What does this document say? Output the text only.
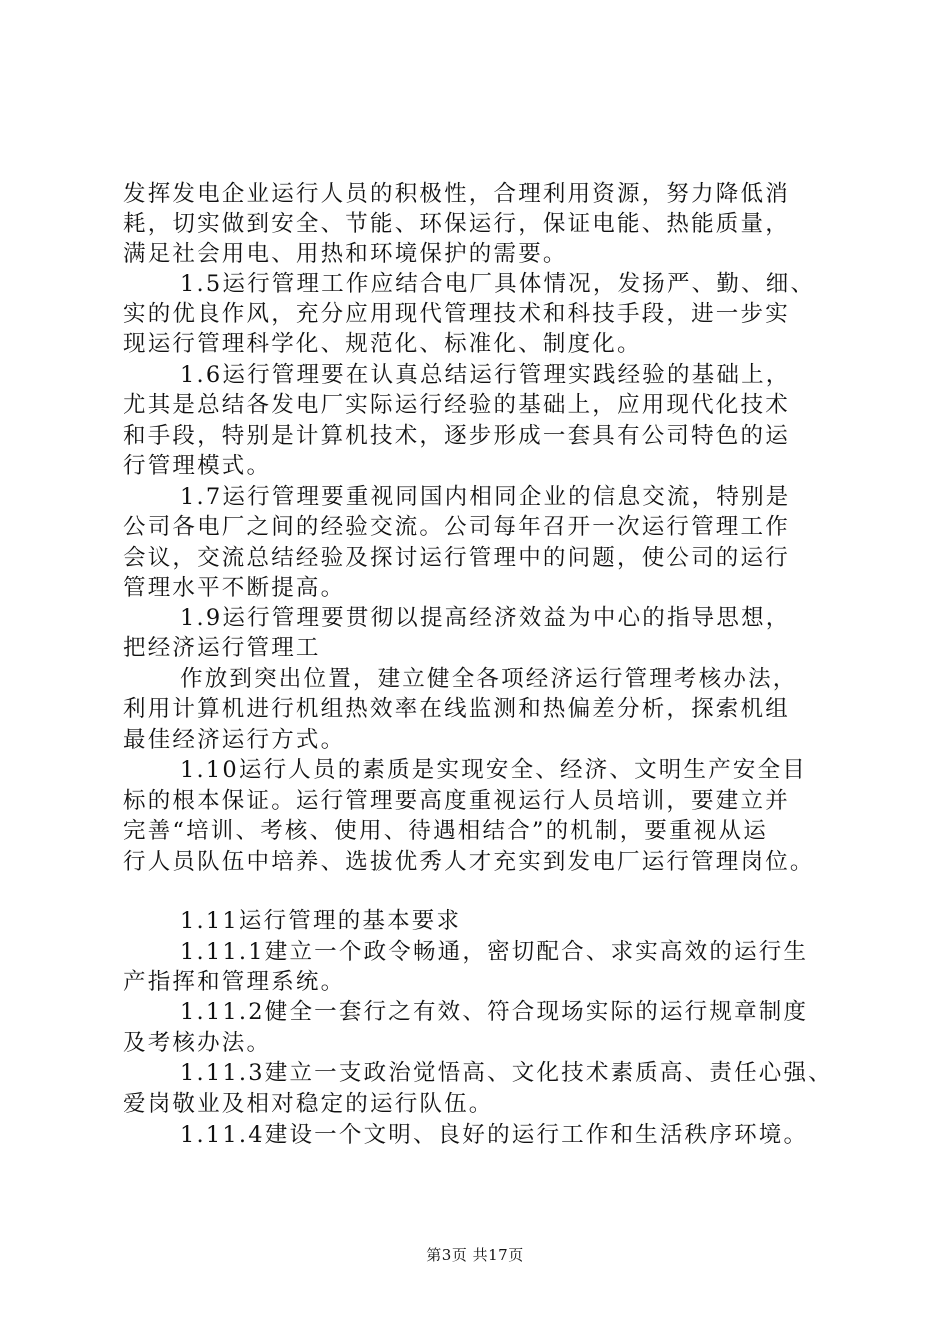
发挥发电企业运行人员的积极性，合理利用资源，努力降低消
耗，切实做到安全、节能、环保运行，保证电能、热能质量，
满足社会用电、用热和环境保护的需要。
1.5运行管理工作应结合电厂具体情况，发扬严、勤、细、
实的优良作风，充分应用现代管理技术和科技手段，进一步实
现运行管理科学化、规范化、标准化、制度化。
1.6运行管理要在认真总结运行管理实践经验的基础上，
尤其是总结各发电厂实际运行经验的基础上，应用现代化技术
和手段，特别是计算机技术，逐步形成一套具有公司特色的运
行管理模式。
1.7运行管理要重视同国内相同企业的信息交流，特别是
公司各电厂之间的经验交流。公司每年召开一次运行管理工作
会议，交流总结经验及探讨运行管理中的问题，使公司的运行
管理水平不断提高。
1.9运行管理要贯彻以提高经济效益为中心的指导思想，
把经济运行管理工
作放到突出位置，建立健全各项经济运行管理考核办法，
利用计算机进行机组热效率在线监测和热偏差分析，探索机组
最佳经济运行方式。
1.10运行人员的素质是实现安全、经济、文明生产安全目
标的根本保证。运行管理要高度重视运行人员培训，要建立并
完善“培训、考核、使用、待遇相结合”的机制，要重视从运
行人员队伍中培养、选拔优秀人才充实到发电厂运行管理岗位。
1.11运行管理的基本要求
1.11.1建立一个政令畅通，密切配合、求实高效的运行生
产指挥和管理系统。
1.11.2健全一套行之有效、符合现场实际的运行规章制度
及考核办法。
1.11.3建立一支政治觉悟高、文化技术素质高、责任心强、
爱岗敬业及相对稳定的运行队伍。
1.11.4建设一个文明、良好的运行工作和生活秩序环境。
第3页 共17页
